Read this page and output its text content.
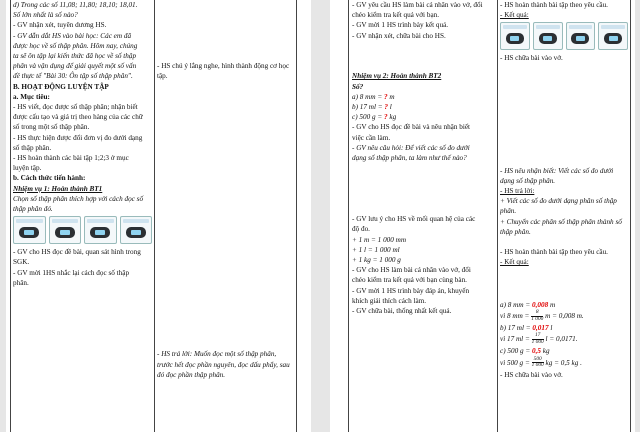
d) Trong các số 11,08; 11,80; 18,10; 18,01.
Số lớn nhất là số nào?
- GV nhận xét, tuyên dương HS.
- GV dẫn dắt HS vào bài học: Các em đã
được học về số thập phân. Hôm nay, chúng
ta sẽ ôn tập lại kiến thức đã học về số thập
phân và vận dụng để giải quyết một số vấn
đề thực tế "Bài 30: Ôn tập số thập phân".
B. HOẠT ĐỘNG LUYỆN TẬP
a. Mục tiêu:
- HS viết, đọc được số thập phân; nhận biết
được cấu tạo và giá trị theo hàng của các chữ
số trong một số thập phân.
- HS thực hiện được đổi đơn vị đo dưới dạng
số thập phân.
- HS hoàn thành các bài tập 1;2;3 ở mục
luyện tập.
b. Cách thức tiến hành:
Nhiệm vụ 1: Hoàn thành BT1
Chọn số thập phân thích hợp với cách đọc số
thập phân đó.
- GV cho HS đọc đề bài, quan sát hình trong
SGK.
- GV mời 1HS nhắc lại cách đọc số thập
phân.
- HS chú ý lắng nghe, hình thành động cơ học tập.
- HS trả lời: Muốn đọc một số thập phân, trước hết đọc phần nguyên, đọc dấu phẩy, sau đó đọc phần thập phân.
- GV yêu cầu HS làm bài cá nhân vào vở, đổi
chéo kiểm tra kết quả với bạn.
- GV mời 1 HS trình bày kết quả.
- GV nhận xét, chữa bài cho HS.

Nhiệm vụ 2: Hoàn thành BT2
Số?
a) 8 mm = ? m
b) 17 ml = ? l
c) 500 g = ? kg
- GV cho HS đọc đề bài và nêu nhận biết
việc cần làm.
- GV nêu câu hỏi: Để viết các số đo dưới
dạng số thập phân, ta làm như thế nào?

- GV lưu ý cho HS về mối quan hệ của các
độ đo.
+ 1 m = 1 000 mm
+ 1 l = 1 000 ml
+ 1 kg = 1 000 g
- GV cho HS làm bài cá nhân vào vở, đổi
chéo kiểm tra kết quả với bạn cùng bàn.
- GV mời 1 HS trình bày đáp án, khuyến
khích giải thích cách làm.
- GV chữa bài, thống nhất kết quả.
- HS hoàn thành bài tập theo yêu cầu.
- Kết quả:
- HS chữa bài vào vở.

- HS nêu nhận biết: Viết các số đo dưới
dạng số thập phân.
- HS trả lời:
+ Viết các số đo dưới dạng phân số thập
phân.
+ Chuyển các phân số thập phân thành số
thập phân.

- HS hoàn thành bài tập theo yêu cầu.
- Kết quả:
a) 8 mm = 0,008 m
vì 8 mm = $\frac{8}{1 000}$ m = 0,008 m.
b) 17 ml = 0,017 l
vì 17 ml = $\frac{17}{1 000}$ l = 0,0171.
c) 500 g = 0,5 kg
vì 500 $g = \frac{500}{1 000}$ kg = 0,5 kg .
- HS chữa bài vào vở.
